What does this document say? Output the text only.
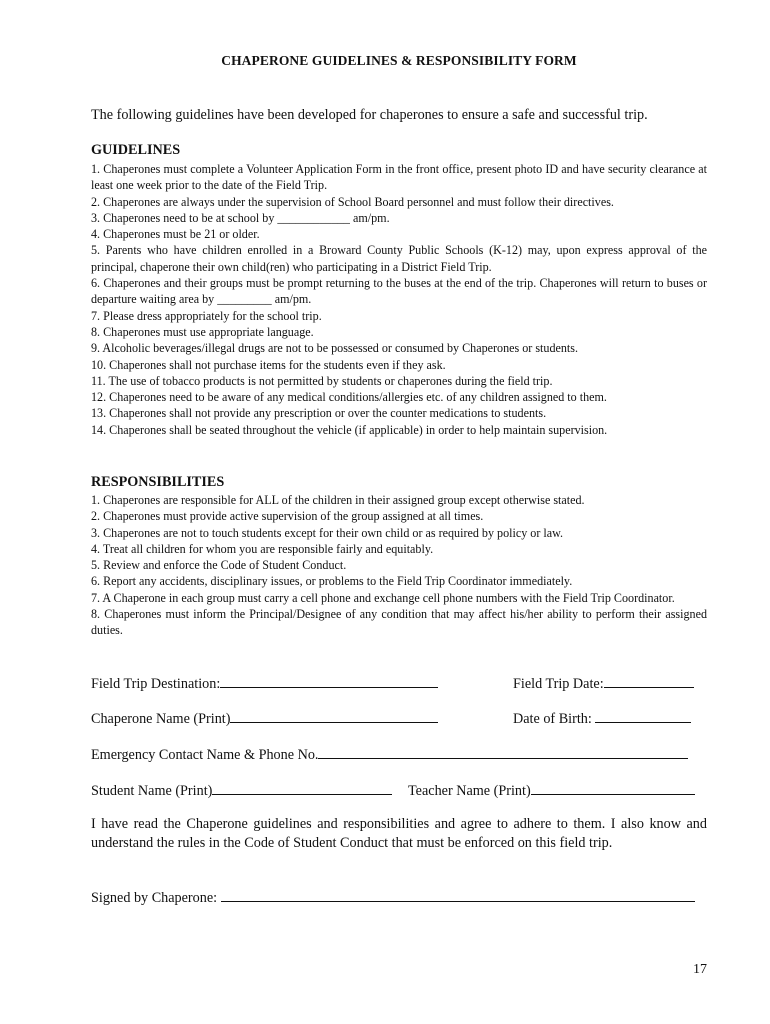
CHAPERONE GUIDELINES & RESPONSIBILITY FORM
The following guidelines have been developed for chaperones to ensure a safe and successful trip.
GUIDELINES
1. Chaperones must complete a Volunteer Application Form in the front office, present photo ID and have security clearance at least one week prior to the date of the Field Trip.
2. Chaperones are always under the supervision of School Board personnel and must follow their directives.
3. Chaperones need to be at school by ____________ am/pm.
4. Chaperones must be 21 or older.
5. Parents who have children enrolled in a Broward County Public Schools (K-12) may, upon express approval of the principal, chaperone their own child(ren) who participating in a District Field Trip.
6. Chaperones and their groups must be prompt returning to the buses at the end of the trip. Chaperones will return to buses or departure waiting area by _________ am/pm.
7. Please dress appropriately for the school trip.
8. Chaperones must use appropriate language.
9. Alcoholic beverages/illegal drugs are not to be possessed or consumed by Chaperones or students.
10. Chaperones shall not purchase items for the students even if they ask.
11. The use of tobacco products is not permitted by students or chaperones during the field trip.
12. Chaperones need to be aware of any medical conditions/allergies etc. of any children assigned to them.
13. Chaperones shall not provide any prescription or over the counter medications to students.
14. Chaperones shall be seated throughout the vehicle (if applicable) in order to help maintain supervision.
RESPONSIBILITIES
1. Chaperones are responsible for ALL of the children in their assigned group except otherwise stated.
2. Chaperones must provide active supervision of the group assigned at all times.
3. Chaperones are not to touch students except for their own child or as required by policy or law.
4. Treat all children for whom you are responsible fairly and equitably.
5. Review and enforce the Code of Student Conduct.
6. Report any accidents, disciplinary issues, or problems to the Field Trip Coordinator immediately.
7. A Chaperone in each group must carry a cell phone and exchange cell phone numbers with the Field Trip Coordinator.
8. Chaperones must inform the Principal/Designee of any condition that may affect his/her ability to perform their assigned duties.
Field Trip Destination:	Field Trip Date:
Chaperone Name (Print)	Date of Birth:
Emergency Contact Name & Phone No.
Student Name (Print)	Teacher Name (Print)
I have read the Chaperone guidelines and responsibilities and agree to adhere to them. I also know and understand the rules in the Code of Student Conduct that must be enforced on this field trip.
Signed by Chaperone:
17
